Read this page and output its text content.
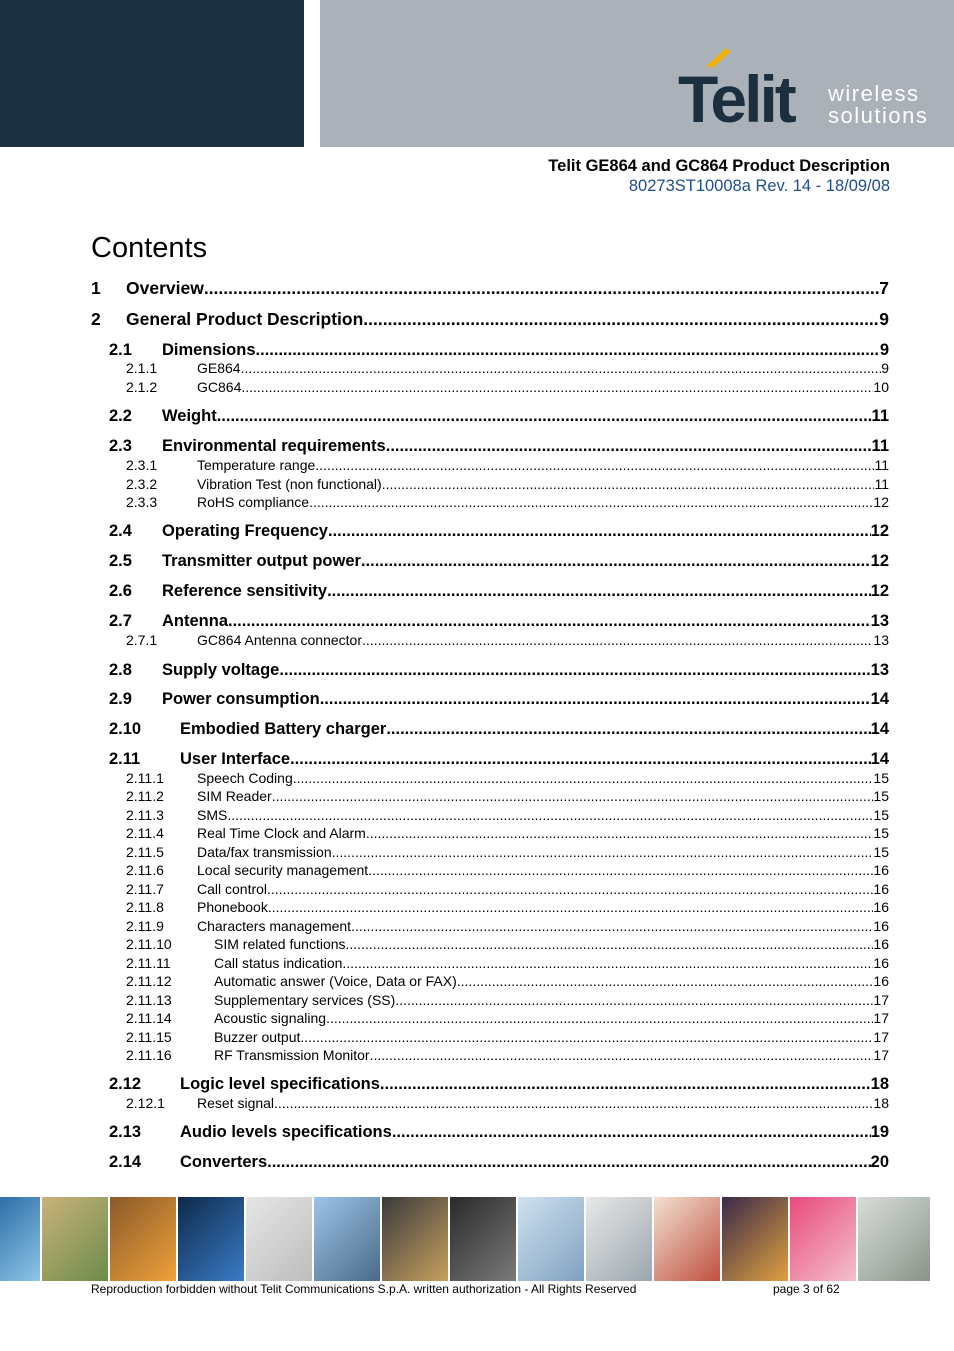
Telit wireless
solutions
Telit GE864 and GC864 Product Description
80273ST10008a Rev. 14 - 18/09/08
Contents
1	Overview .....	7
2	General Product Description .....	9
2.1	Dimensions .....	9
2.1.1	GE864 .....	9
2.1.2	GC864 .....	10
2.2	Weight .....	11
2.3	Environmental requirements .....	11
2.3.1	Temperature range .....	11
2.3.2	Vibration Test (non functional) .....	11
2.3.3	RoHS compliance .....	12
2.4	Operating Frequency .....	12
2.5	Transmitter output power .....	12
2.6	Reference sensitivity .....	12
2.7	Antenna .....	13
2.7.1	GC864 Antenna connector .....	13
2.8	Supply voltage .....	13
2.9	Power consumption .....	14
2.10	Embodied Battery charger .....	14
2.11	User Interface .....	14
2.11.1	Speech Coding .....	15
2.11.2	SIM Reader .....	15
2.11.3	SMS .....	15
2.11.4	Real Time Clock and Alarm .....	15
2.11.5	Data/fax transmission .....	15
2.11.6	Local security management .....	16
2.11.7	Call control .....	16
2.11.8	Phonebook .....	16
2.11.9	Characters management .....	16
2.11.10	SIM related functions .....	16
2.11.11	Call status indication .....	16
2.11.12	Automatic answer (Voice, Data or FAX) .....	16
2.11.13	Supplementary services (SS) .....	17
2.11.14	Acoustic signaling .....	17
2.11.15	Buzzer output .....	17
2.11.16	RF Transmission Monitor .....	17
2.12	Logic level specifications .....	18
2.12.1	Reset signal .....	18
2.13	Audio levels specifications .....	19
2.14	Converters .....	20
Reproduction forbidden without Telit Communications S.p.A. written authorization - All Rights Reserved	page 3 of 62
